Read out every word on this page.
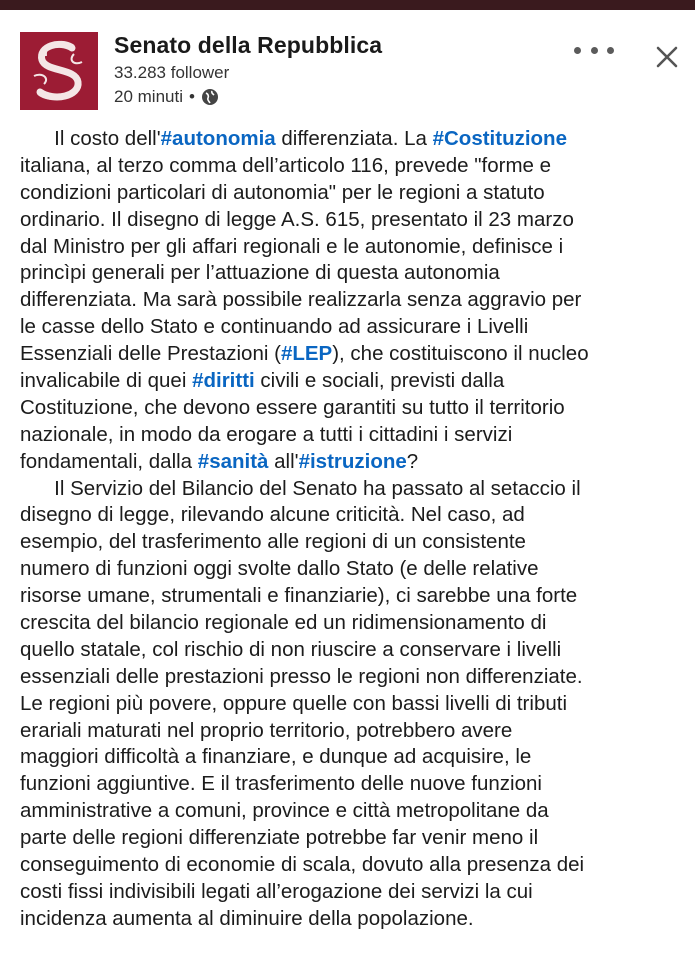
Senato della Repubblica
33.283 follower
20 minuti •
Il costo dell'#autonomia differenziata. La #Costituzione
italiana, al terzo comma dell’articolo 116, prevede "forme e
condizioni particolari di autonomia" per le regioni a statuto
ordinario. Il disegno di legge A.S. 615, presentato il 23 marzo
dal Ministro per gli affari regionali e le autonomie, definisce i
princìpi generali per l’attuazione di questa autonomia
differenziata. Ma sarà possibile realizzarla senza aggravio per
le casse dello Stato e continuando ad assicurare i Livelli
Essenziali delle Prestazioni (#LEP), che costituiscono il nucleo
invalicabile di quei #diritti civili e sociali, previsti dalla
Costituzione, che devono essere garantiti su tutto il territorio
nazionale, in modo da erogare a tutti i cittadini i servizi
fondamentali, dalla #sanità all'#istruzione?
Il Servizio del Bilancio del Senato ha passato al setaccio il
disegno di legge, rilevando alcune criticità. Nel caso, ad
esempio, del trasferimento alle regioni di un consistente
numero di funzioni oggi svolte dallo Stato (e delle relative
risorse umane, strumentali e finanziarie), ci sarebbe una forte
crescita del bilancio regionale ed un ridimensionamento di
quello statale, col rischio di non riuscire a conservare i livelli
essenziali delle prestazioni presso le regioni non differenziate.
Le regioni più povere, oppure quelle con bassi livelli di tributi
erariali maturati nel proprio territorio, potrebbero avere
maggiori difficoltà a finanziare, e dunque ad acquisire, le
funzioni aggiuntive. E il trasferimento delle nuove funzioni
amministrative a comuni, province e città metropolitane da
parte delle regioni differenziate potrebbe far venir meno il
conseguimento di economie di scala, dovuto alla presenza dei
costi fissi indivisibili legati all’erogazione dei servizi la cui
incidenza aumenta al diminuire della popolazione.
